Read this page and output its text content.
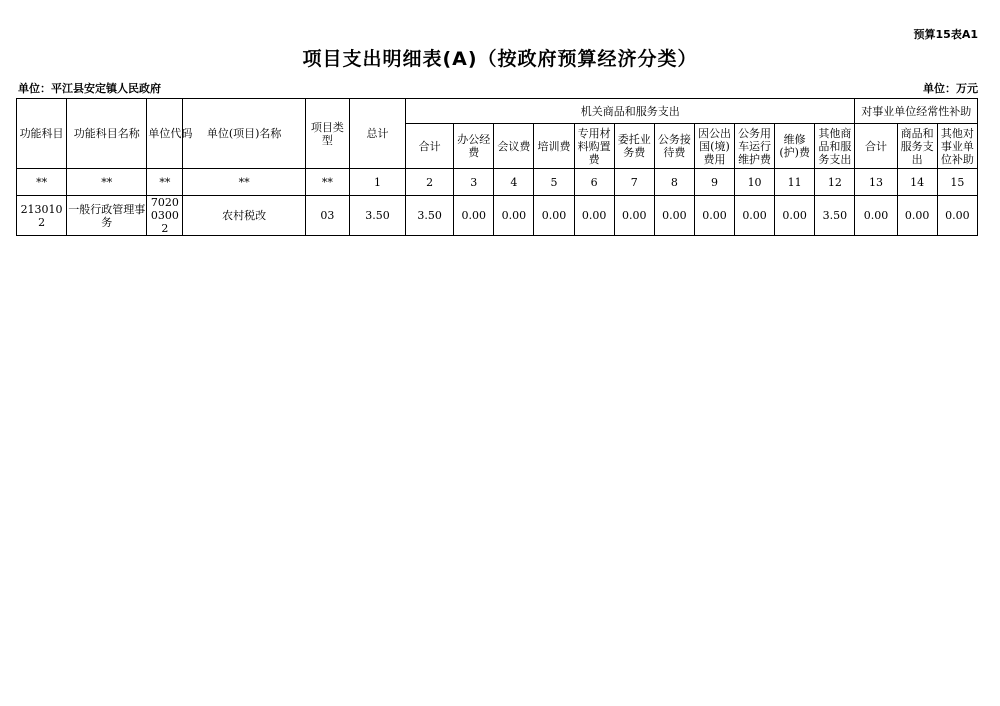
预算15表A1
项目支出明细表(A)（按政府预算经济分类）
单位：平江县安定镇人民政府	单位：万元
功能科目	功能科目名称	单位代码	单位(项目)名称	项目类型	总计	机关商品和服务支出											对事业单位经常性补助		
						合计	办公经费	会议费	培训费	专用材料购置费	委托业务费	公务接待费	因公出国(境)费用	公务用车运行维护费	维修(护)费	其他商品和服务支出	合计	商品和服务支出	其他对事业单位补助
**	**	**	**	**	1	2	3	4	5	6	7	8	9	10	11	12	13	14	15
2130102	一般行政管理事务	702003002	农村税改	03	3.50	3.50	0.00	0.00	0.00	0.00	0.00	0.00	0.00	0.00	0.00	3.50	0.00	0.00	0.00
